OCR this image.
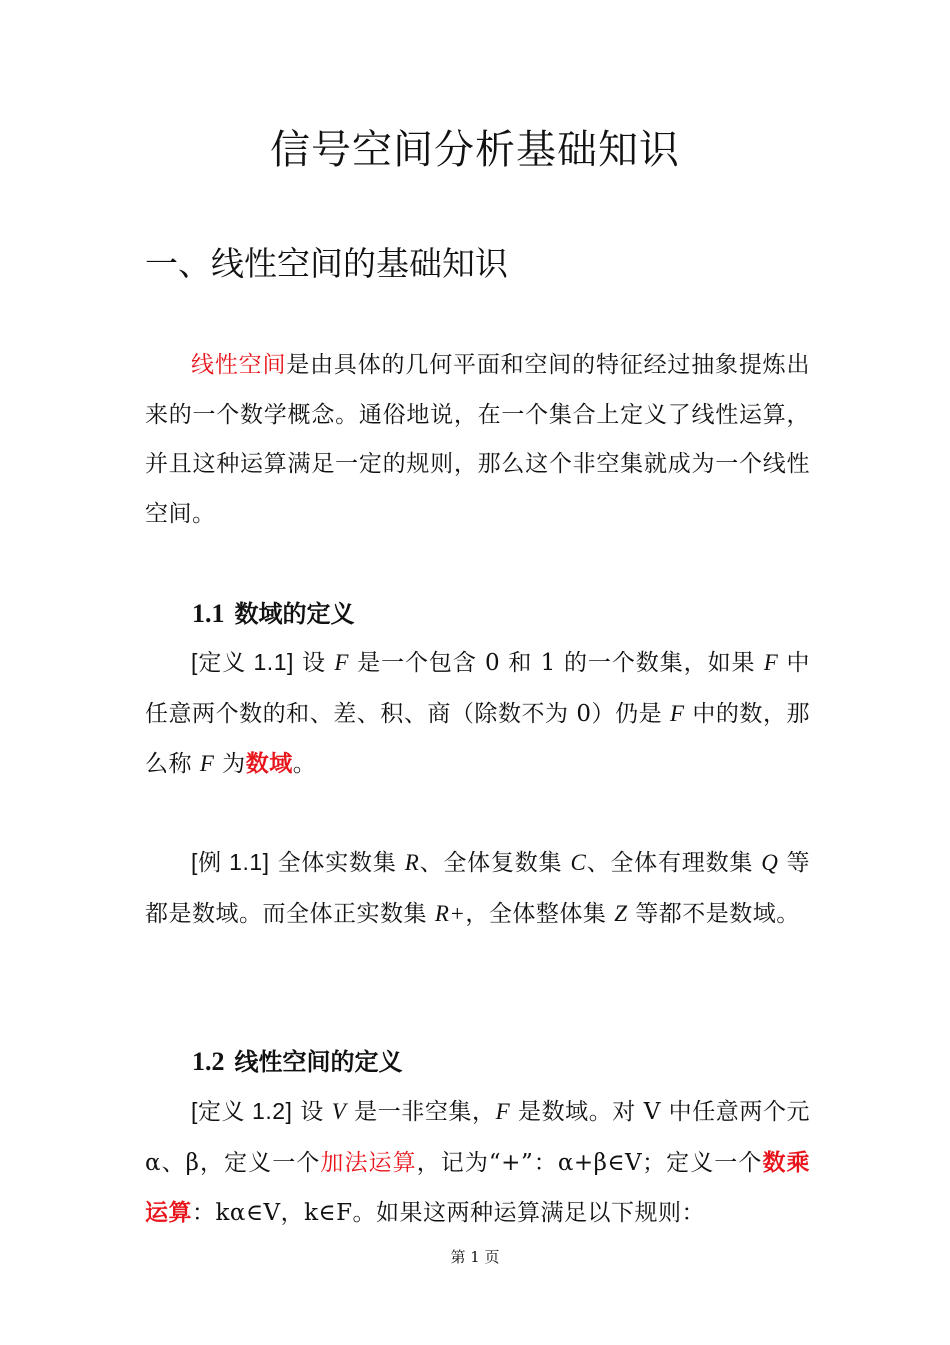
信号空间分析基础知识
一、线性空间的基础知识

线性空间是由具体的几何平面和空间的特征经过抽象提炼出来的一个数学概念。通俗地说，在一个集合上定义了线性运算，并且这种运算满足一定的规则，那么这个非空集就成为一个线性空间。

1.1 数域的定义

[定义 1.1] 设 F 是一个包含 0 和 1 的一个数集，如果 F 中任意两个数的和、差、积、商（除数不为 0）仍是 F 中的数，那么称 F 为数域。

[例 1.1] 全体实数集 R、全体复数集 C、全体有理数集 Q 等都是数域。而全体正实数集 R+，全体整体集 Z 等都不是数域。

1.2 线性空间的定义

[定义 1.2] 设 V 是一非空集，F 是数域。对 V 中任意两个元 α、β，定义一个加法运算，记为“+”：α+β∈V；定义一个数乘运算：kα∈V，k∈F。如果这两种运算满足以下规则：

第 1 页
